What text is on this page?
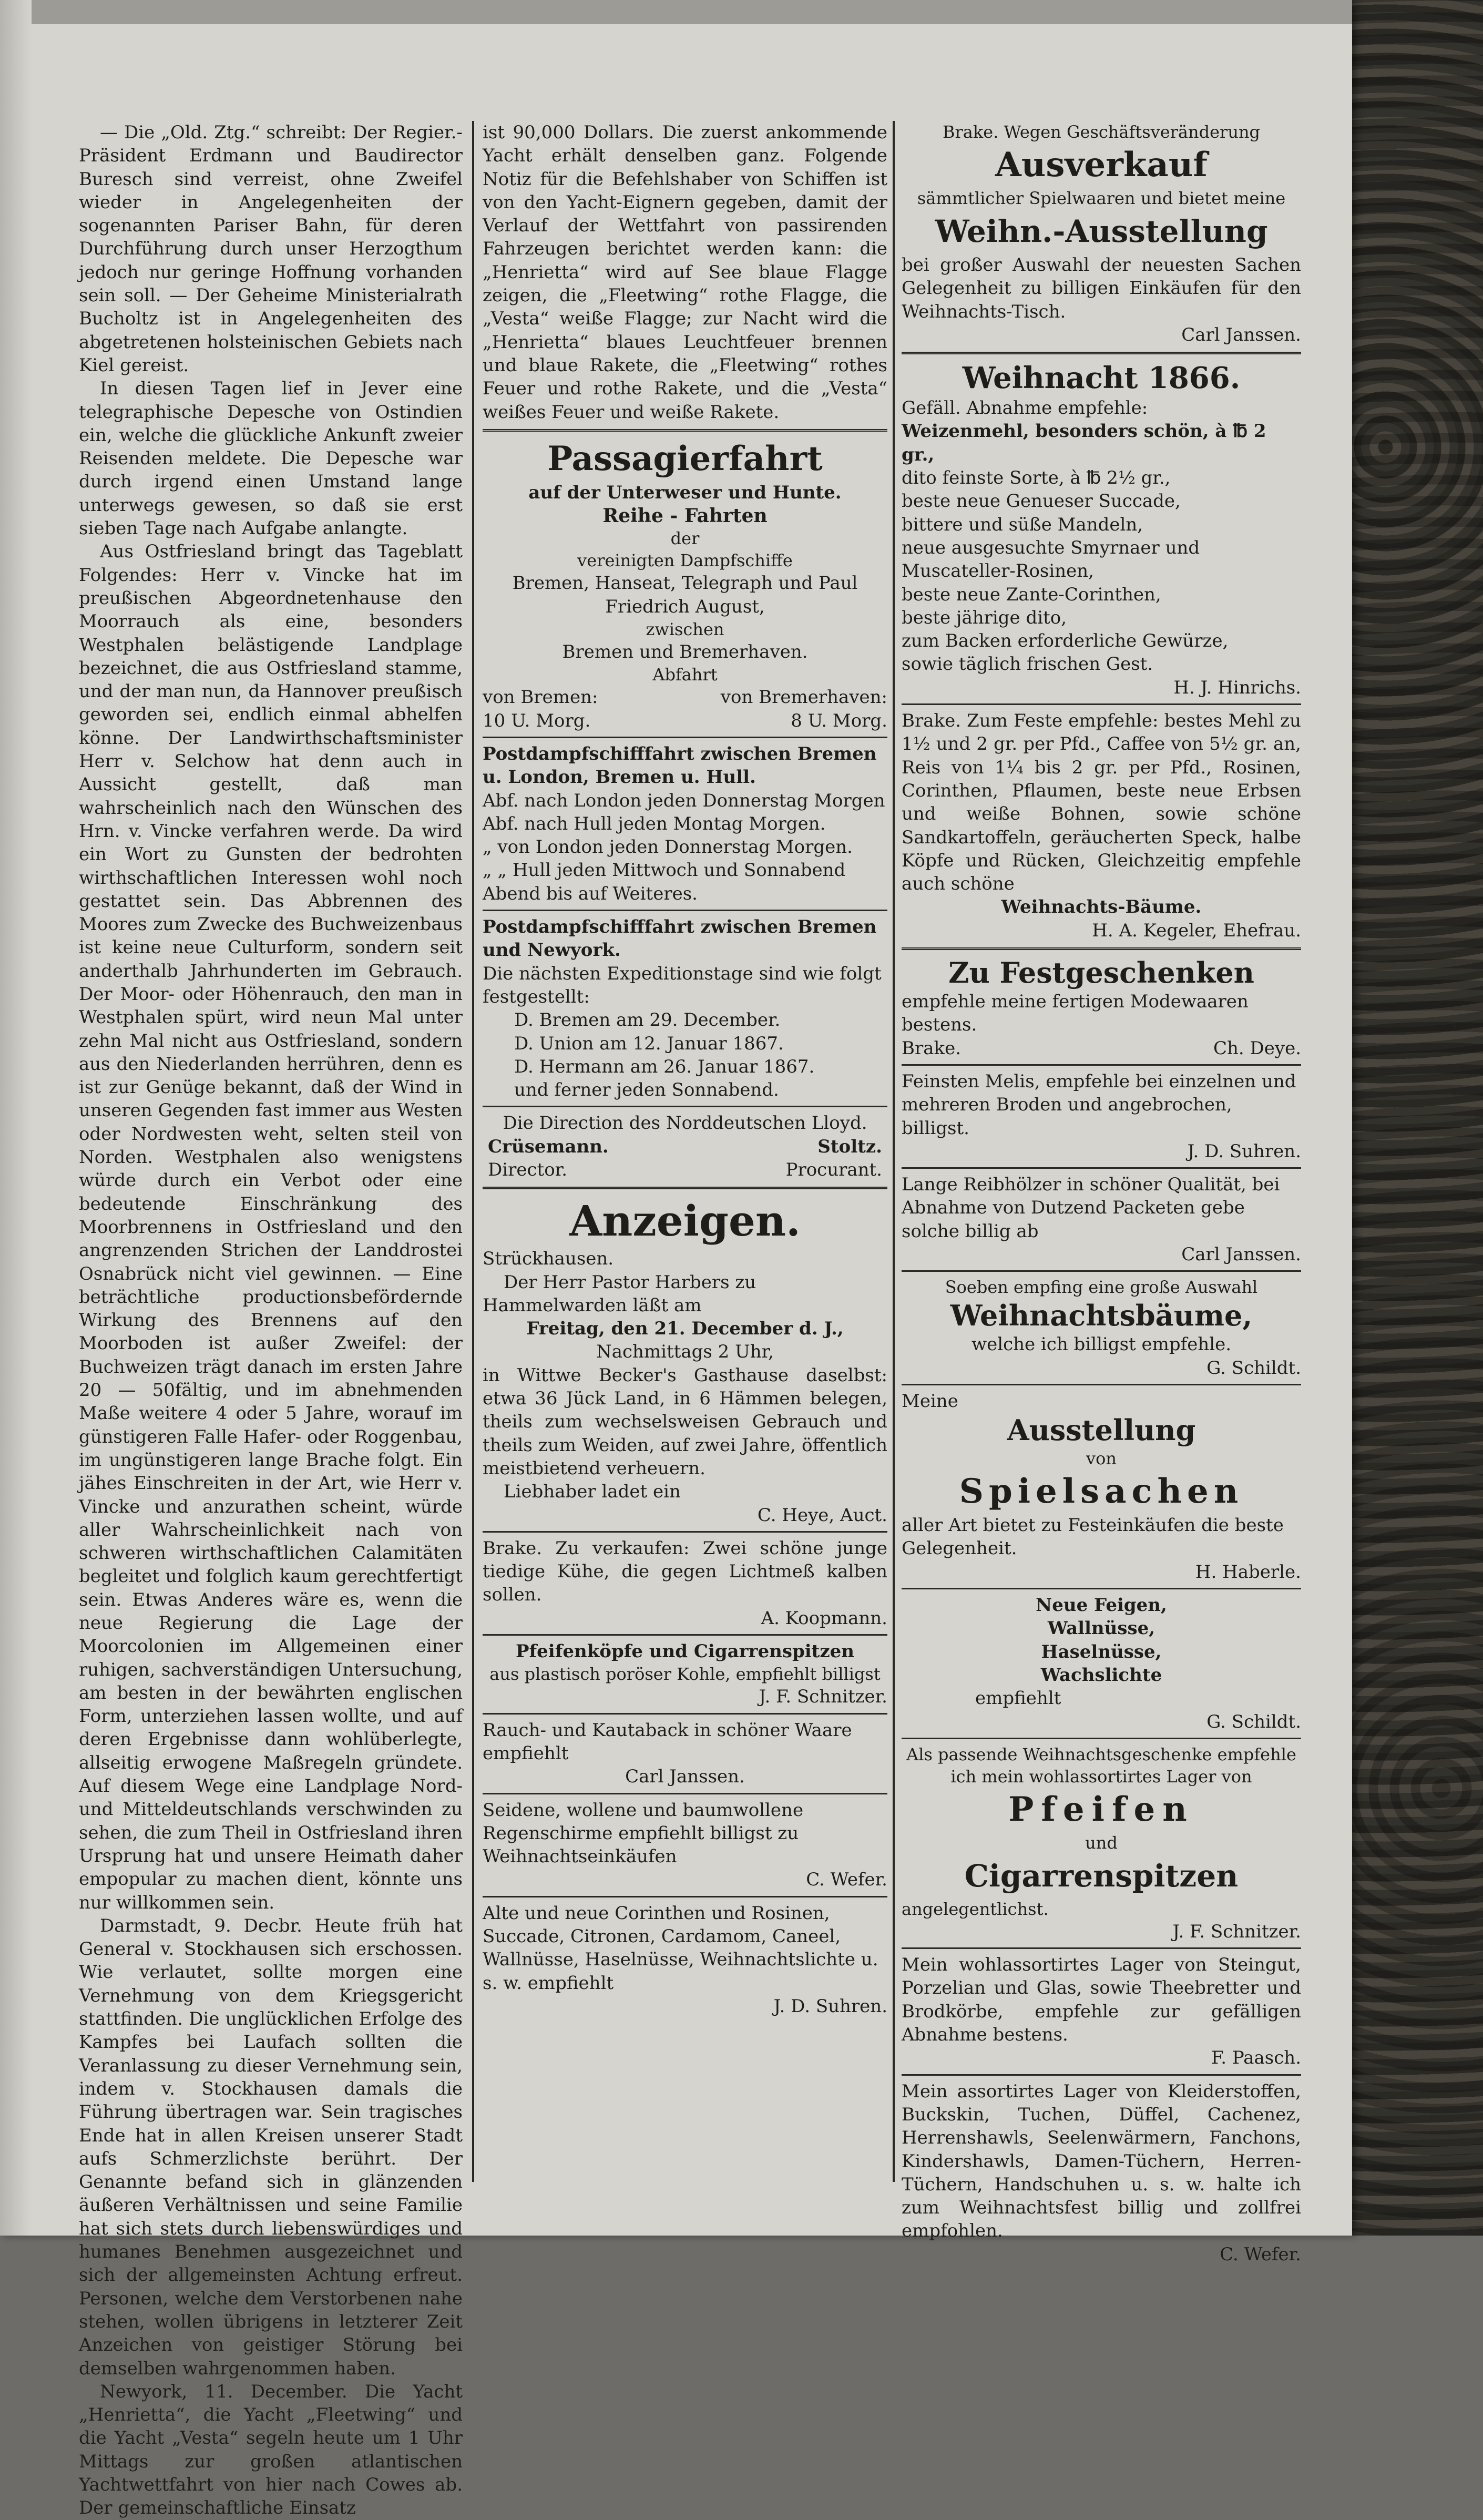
— Die „Old. Ztg.“ schreibt: Der Regier.-Präsident Erdmann und Baudirector Buresch sind verreist, ohne Zweifel wieder in Angelegenheiten der sogenannten Pariser Bahn, für deren Durchführung durch unser Herzogthum jedoch nur geringe Hoffnung vorhanden sein soll. — Der Geheime Ministerialrath Bucholtz ist in Angelegenheiten des abgetretenen holsteinischen Gebiets nach Kiel gereist.

In diesen Tagen lief in Jever eine telegraphische Depesche von Ostindien ein, welche die glückliche Ankunft zweier Reisenden meldete. Die Depesche war durch irgend einen Umstand lange unterwegs gewesen, so daß sie erst sieben Tage nach Aufgabe anlangte.

Aus Ostfriesland bringt das Tageblatt Folgendes: Herr v. Vincke hat im preußischen Abgeordnetenhause den Moorrauch als eine, besonders Westphalen belästigende Landplage bezeichnet, die aus Ostfriesland stamme, und der man nun, da Hannover preußisch geworden sei, endlich einmal abhelfen könne. Der Landwirthschaftsminister Herr v. Selchow hat denn auch in Aussicht gestellt, daß man wahrscheinlich nach den Wünschen des Hrn. v. Vincke verfahren werde. Da wird ein Wort zu Gunsten der bedrohten wirthschaftlichen Interessen wohl noch gestattet sein. Das Abbrennen des Moores zum Zwecke des Buchweizenbaus ist keine neue Culturform, sondern seit anderthalb Jahrhunderten im Gebrauch. Der Moor- oder Höhenrauch, den man in Westphalen spürt, wird neun Mal unter zehn Mal nicht aus Ostfriesland, sondern aus den Niederlanden herrühren, denn es ist zur Genüge bekannt, daß der Wind in unseren Gegenden fast immer aus Westen oder Nordwesten weht, selten steil von Norden. Westphalen also wenigstens würde durch ein Verbot oder eine bedeutende Einschränkung des Moorbrennens in Ostfriesland und den angrenzenden Strichen der Landdrostei Osnabrück nicht viel gewinnen. — Eine beträchtliche productionsbefördernde Wirkung des Brennens auf den Moorboden ist außer Zweifel: der Buchweizen trägt danach im ersten Jahre 20 — 50fältig, und im abnehmenden Maße weitere 4 oder 5 Jahre, worauf im günstigeren Falle Hafer- oder Roggenbau, im ungünstigeren lange Brache folgt. Ein jähes Einschreiten in der Art, wie Herr v. Vincke und anzurathen scheint, würde aller Wahrscheinlichkeit nach von schweren wirthschaftlichen Calamitäten begleitet und folglich kaum gerechtfertigt sein. Etwas Anderes wäre es, wenn die neue Regierung die Lage der Moorcolonien im Allgemeinen einer ruhigen, sachverständigen Untersuchung, am besten in der bewährten englischen Form, unterziehen lassen wollte, und auf deren Ergebnisse dann wohlüberlegte, allseitig erwogene Maßregeln gründete. Auf diesem Wege eine Landplage Nord- und Mitteldeutschlands verschwinden zu sehen, die zum Theil in Ostfriesland ihren Ursprung hat und unsere Heimath daher empopular zu machen dient, könnte uns nur willkommen sein.

Darmstadt, 9. Decbr. Heute früh hat General v. Stockhausen sich erschossen. Wie verlautet, sollte morgen eine Vernehmung von dem Kriegsgericht stattfinden. Die unglücklichen Erfolge des Kampfes bei Laufach sollten die Veranlassung zu dieser Vernehmung sein, indem v. Stockhausen damals die Führung übertragen war. Sein tragisches Ende hat in allen Kreisen unserer Stadt aufs Schmerzlichste berührt. Der Genannte befand sich in glänzenden äußeren Verhältnissen und seine Familie hat sich stets durch liebenswürdiges und humanes Benehmen ausgezeichnet und sich der allgemeinsten Achtung erfreut. Personen, welche dem Verstorbenen nahe stehen, wollen übrigens in letzterer Zeit Anzeichen von geistiger Störung bei demselben wahrgenommen haben.

Newyork, 11. December. Die Yacht „Henrietta“, die Yacht „Fleetwing“ und die Yacht „Vesta“ segeln heute um 1 Uhr Mittags zur großen atlantischen Yachtwettfahrt von hier nach Cowes ab. Der gemeinschaftliche Einsatz

ist 90,000 Dollars. Die zuerst ankommende Yacht erhält denselben ganz. Folgende Notiz für die Befehlshaber von Schiffen ist von den Yacht-Eignern gegeben, damit der Verlauf der Wettfahrt von passirenden Fahrzeugen berichtet werden kann: die „Henrietta“ wird auf See blaue Flagge zeigen, die „Fleetwing“ rothe Flagge, die „Vesta“ weiße Flagge; zur Nacht wird die „Henrietta“ blaues Leuchtfeuer brennen und blaue Rakete, die „Fleetwing“ rothes Feuer und rothe Rakete, und die „Vesta“ weißes Feuer und weiße Rakete.
Passagierfahrt
auf der Unterweser und Hunte.
Reihe - Fahrten
der
vereinigten Dampfschiffe
Bremen, Hanseat, Telegraph und Paul Friedrich August,
zwischen
Bremen und Bremerhaven.
Abfahrt
von Bremen:	von Bremerhaven:
10 U. Morg.	8 U. Morg.
Postdampfschifffahrt zwischen Bremen u. London, Bremen u. Hull.
Abf. nach London jeden Donnerstag Morgen
Abf. nach Hull jeden Montag Morgen.
„ von London jeden Donnerstag Morgen.
„ „ Hull jeden Mittwoch und Sonnabend Abend bis auf Weiteres.
Postdampfschifffahrt zwischen Bremen und Newyork.
Die nächsten Expeditionstage sind wie folgt festgestellt:
D. Bremen am 29. December.
D. Union am 12. Januar 1867.
D. Hermann am 26. Januar 1867.
und ferner jeden Sonnabend.
Die Direction des Norddeutschen Lloyd.
Crüsemann.	Stoltz.
Director.	Procurant.
Anzeigen.
Strückhausen.
Der Herr Pastor Harbers zu Hammelwarden läßt am
Freitag, den 21. December d. J.,
Nachmittags 2 Uhr,
in Wittwe Becker's Gasthause daselbst: etwa 36 Jück Land, in 6 Hämmen belegen, theils zum wechselsweisen Gebrauch und theils zum Weiden, auf zwei Jahre, öffentlich meistbietend verheuern.
Liebhaber ladet ein
C. Heye, Auct.
Brake. Zu verkaufen: Zwei schöne junge tiedige Kühe, die gegen Lichtmeß kalben sollen.
A. Koopmann.
Pfeifenköpfe und Cigarrenspitzen
aus plastisch poröser Kohle, empfiehlt billigst
J. F. Schnitzer.
Rauch- und Kautaback in schöner Waare empfiehlt
Carl Janssen.
Seidene, wollene und baumwollene Regenschirme empfiehlt billigst zu Weihnachtseinkäufen
C. Wefer.
Alte und neue Corinthen und Rosinen, Succade, Citronen, Cardamom, Caneel, Wallnüsse, Haselnüsse, Weihnachtslichte u. s. w. empfiehlt
J. D. Suhren.
Brake. Wegen Geschäftsveränderung
Ausverkauf
sämmtlicher Spielwaaren und bietet meine
Weihn.-Ausstellung
bei großer Auswahl der neuesten Sachen Gelegenheit zu billigen Einkäufen für den Weihnachts-Tisch.
Carl Janssen.
Weihnacht 1866.
Gefäll. Abnahme empfehle:
Weizenmehl, besonders schön, à ℔ 2 gr.,
dito feinste Sorte, à ℔ 2½ gr.,
beste neue Genueser Succade,
bittere und süße Mandeln,
neue ausgesuchte Smyrnaer und Muscateller-Rosinen,
beste neue Zante-Corinthen,
beste jährige dito,
zum Backen erforderliche Gewürze,
sowie täglich frischen Gest.
H. J. Hinrichs.
Brake. Zum Feste empfehle: bestes Mehl zu 1½ und 2 gr. per Pfd., Caffee von 5½ gr. an, Reis von 1¼ bis 2 gr. per Pfd., Rosinen, Corinthen, Pflaumen, beste neue Erbsen und weiße Bohnen, sowie schöne Sandkartoffeln, geräucherten Speck, halbe Köpfe und Rücken, Gleichzeitig empfehle auch schöne
Weihnachts-Bäume.
H. A. Kegeler, Ehefrau.
Zu Festgeschenken
empfehle meine fertigen Modewaaren bestens.
Brake.	Ch. Deye.
Feinsten Melis, empfehle bei einzelnen und mehreren Broden und angebrochen, billigst.
J. D. Suhren.
Lange Reibhölzer in schöner Qualität, bei Abnahme von Dutzend Packeten gebe solche billig ab
Carl Janssen.
Soeben empfing eine große Auswahl
Weihnachtsbäume,
welche ich billigst empfehle.
G. Schildt.
Meine
Ausstellung
von
Spielsachen
aller Art bietet zu Festeinkäufen die beste Gelegenheit.
H. Haberle.
Neue Feigen,
Wallnüsse,
Haselnüsse,
Wachslichte
empfiehlt
G. Schildt.
Als passende Weihnachtsgeschenke empfehle ich mein wohlassortirtes Lager von
Pfeifen
und
Cigarrenspitzen
angelegentlichst.
J. F. Schnitzer.
Mein wohlassortirtes Lager von Steingut, Porzelian und Glas, sowie Theebretter und Brodkörbe, empfehle zur gefälligen Abnahme bestens.
F. Paasch.
Mein assortirtes Lager von Kleiderstoffen, Buckskin, Tuchen, Düffel, Cachenez, Herrenshawls, Seelenwärmern, Fanchons, Kindershawls, Damen-Tüchern, Herren-Tüchern, Handschuhen u. s. w. halte ich zum Weihnachtsfest billig und zollfrei empfohlen.
C. Wefer.
